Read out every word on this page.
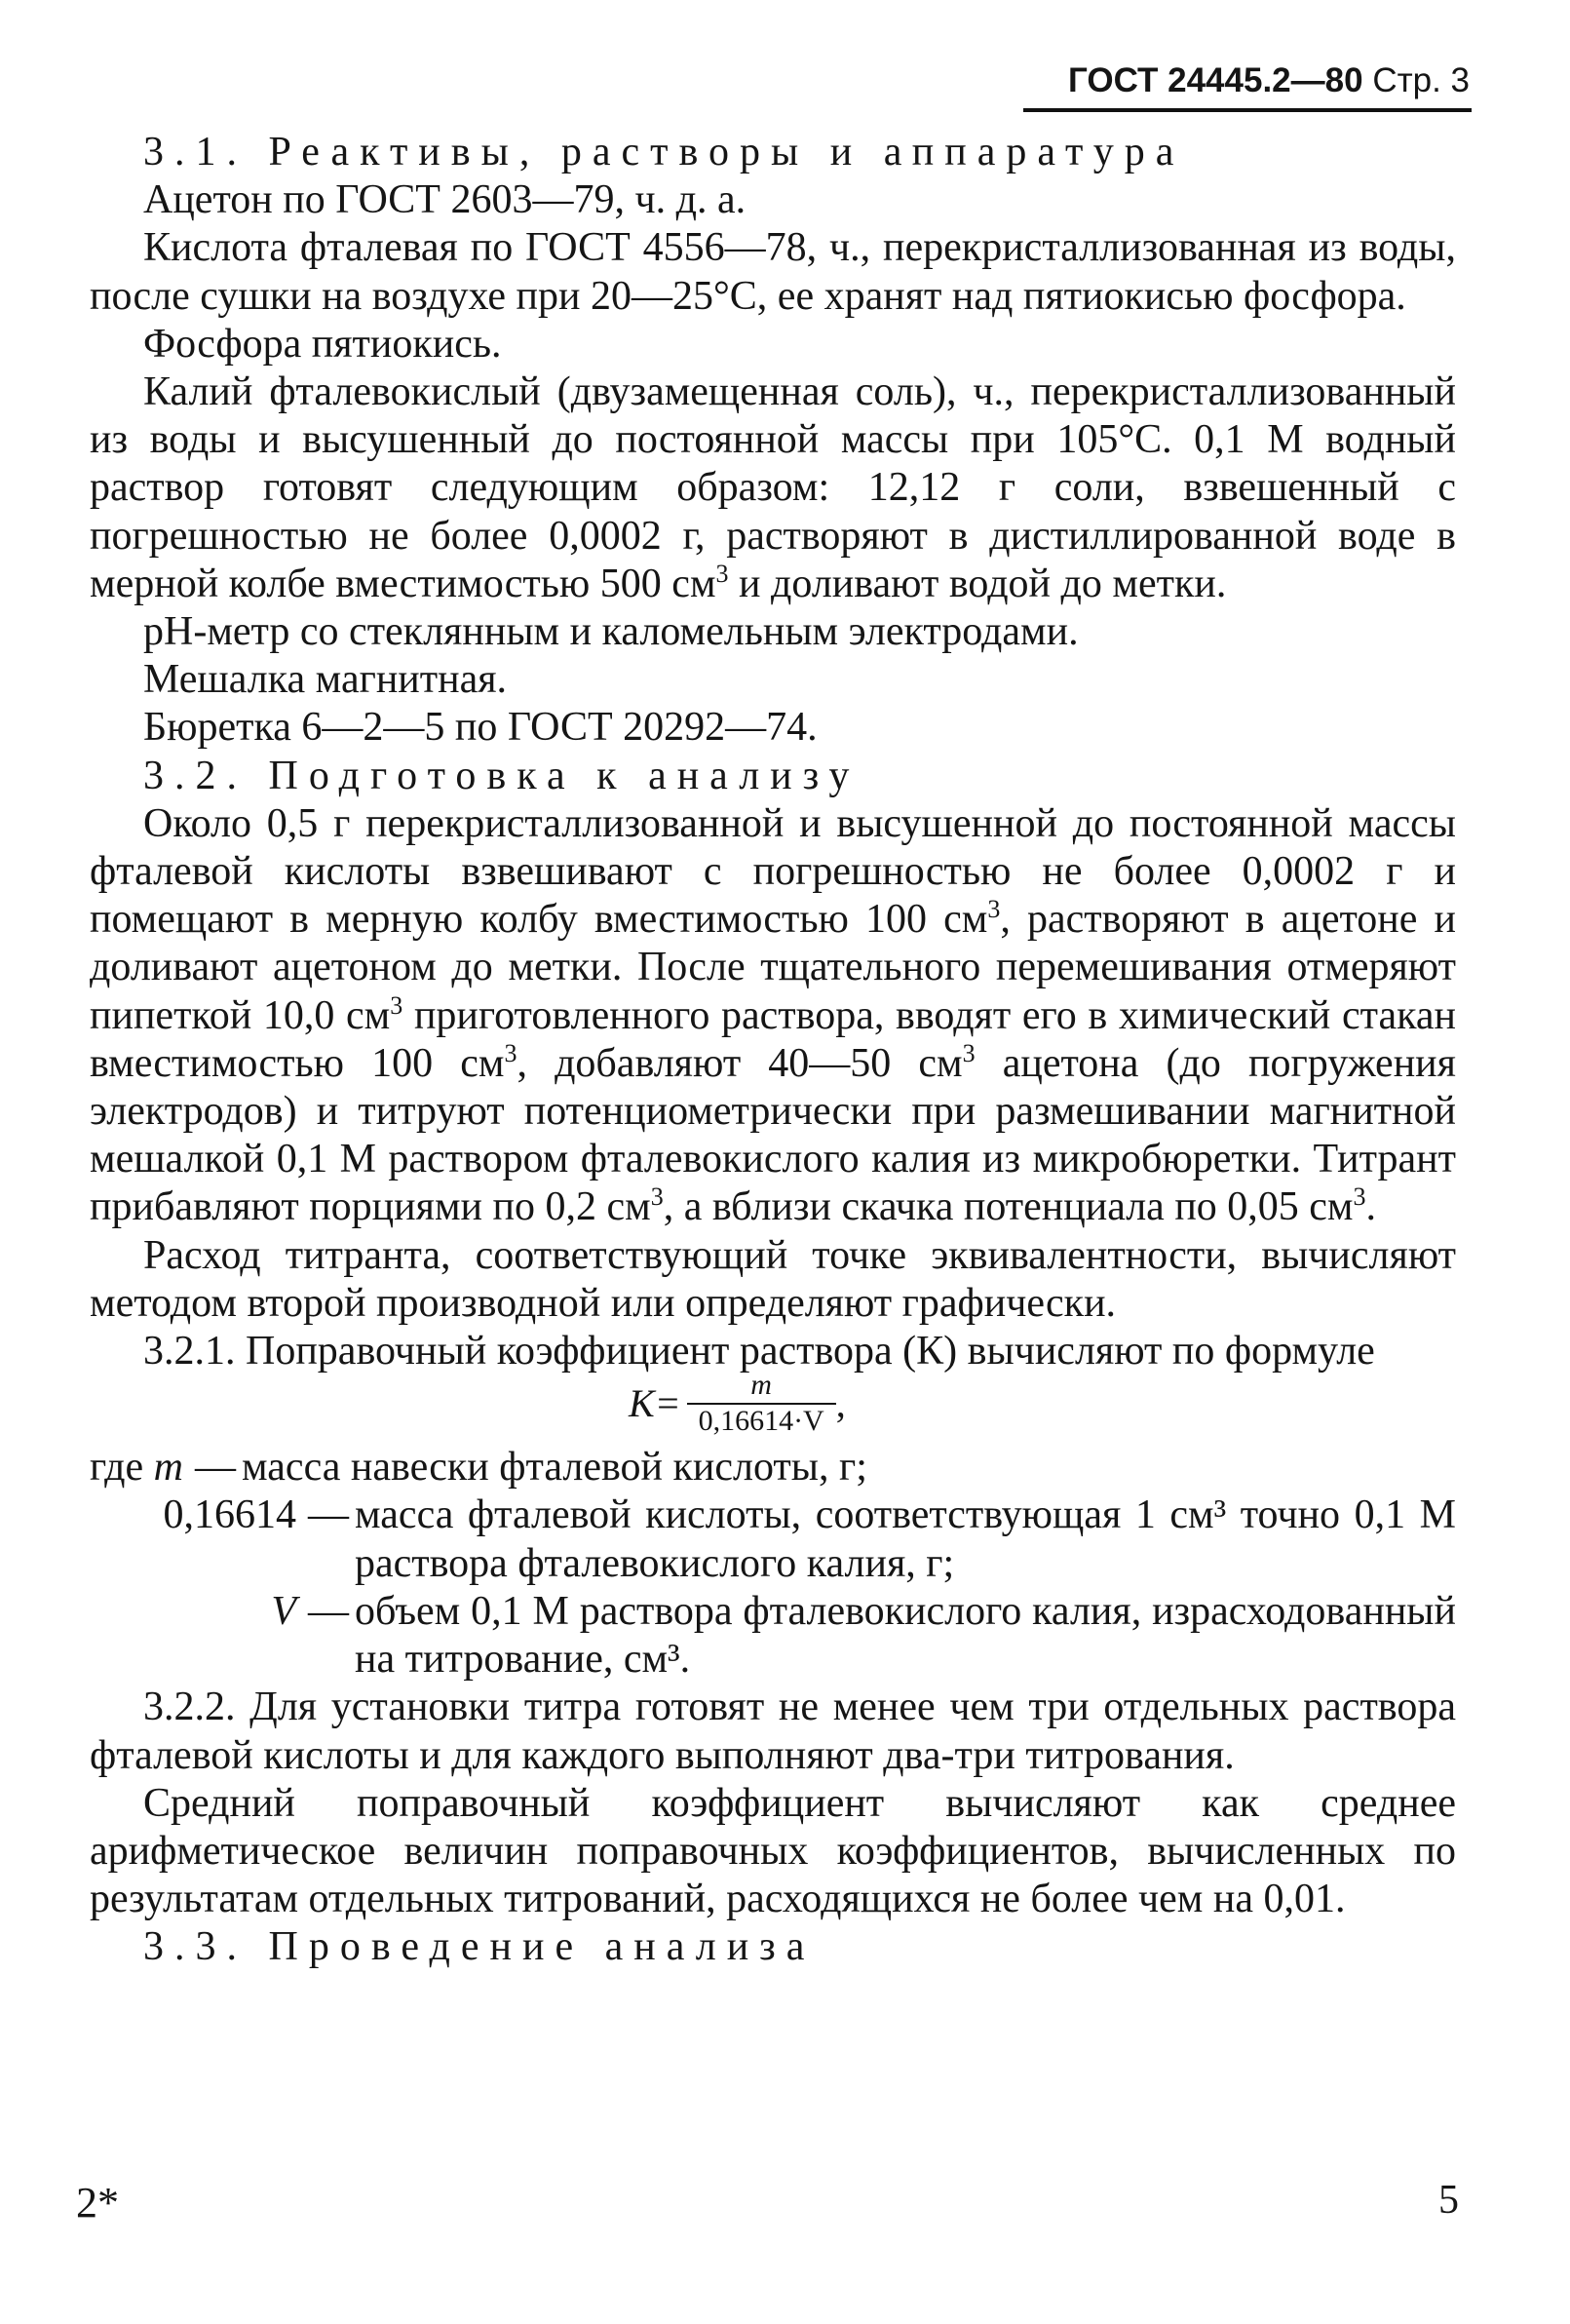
ГОСТ 24445.2—80 Стр. 3

3.1. Реактивы, растворы и аппаратура

Ацетон по ГОСТ 2603—79, ч. д. а.

Кислота фталевая по ГОСТ 4556—78, ч., перекристаллизованная из воды, после сушки на воздухе при 20—25°С, ее хранят над пятиокисью фосфора.

Фосфора пятиокись.

Калий фталевокислый (двузамещенная соль), ч., перекристаллизованный из воды и высушенный до постоянной массы при 105°С. 0,1 М водный раствор готовят следующим образом: 12,12 г соли, взвешенный с погрешностью не более 0,0002 г, растворяют в дистиллированной воде в мерной колбе вместимостью 500 $см^3$ и доливают водой до метки.

рН-метр со стеклянным и каломельным электродами.

Мешалка магнитная.

Бюретка 6—2—5 по ГОСТ 20292—74.

3.2. Подготовка к анализу

Около 0,5 г перекристаллизованной и высушенной до постоянной массы фталевой кислоты взвешивают с погрешностью не более 0,0002 г и помещают в мерную колбу вместимостью 100 $см^3$, растворяют в ацетоне и доливают ацетоном до метки. После тщательного перемешивания отмеряют пипеткой 10,0 $см^3$ приготовленного раствора, вводят его в химический стакан вместимостью 100 $см^3$, добавляют 40—50 $см^3$ ацетона (до погружения электродов) и титруют потенциометрически при размешивании магнитной мешалкой 0,1 М раствором фталевокислого калия из микробюретки. Титрант прибавляют порциями по 0,2 $см^3$, а вблизи скачка потенциала по 0,05 $см^3$.

Расход титранта, соответствующий точке эквивалентности, вычисляют методом второй производной или определяют графически.

3.2.1. Поправочный коэффициент раствора (К) вычисляют по формуле

$К= \frac{m}{0,16614\cdot V}$ ,
где m — масса навески фталевой кислоты, г;
0,16614 — масса фталевой кислоты, соответствующая 1 см³ точно 0,1 М раствора фталевокислого калия, г;
V — объем 0,1 М раствора фталевокислого калия, израсходованный на титрование, см³.

3.2.2. Для установки титра готовят не менее чем три отдельных раствора фталевой кислоты и для каждого выполняют два-три титрования.

Средний поправочный коэффициент вычисляют как среднее арифметическое величин поправочных коэффициентов, вычисленных по результатам отдельных титрований, расходящихся не более чем на 0,01.

3.3. Проведение анализа

2*	5
